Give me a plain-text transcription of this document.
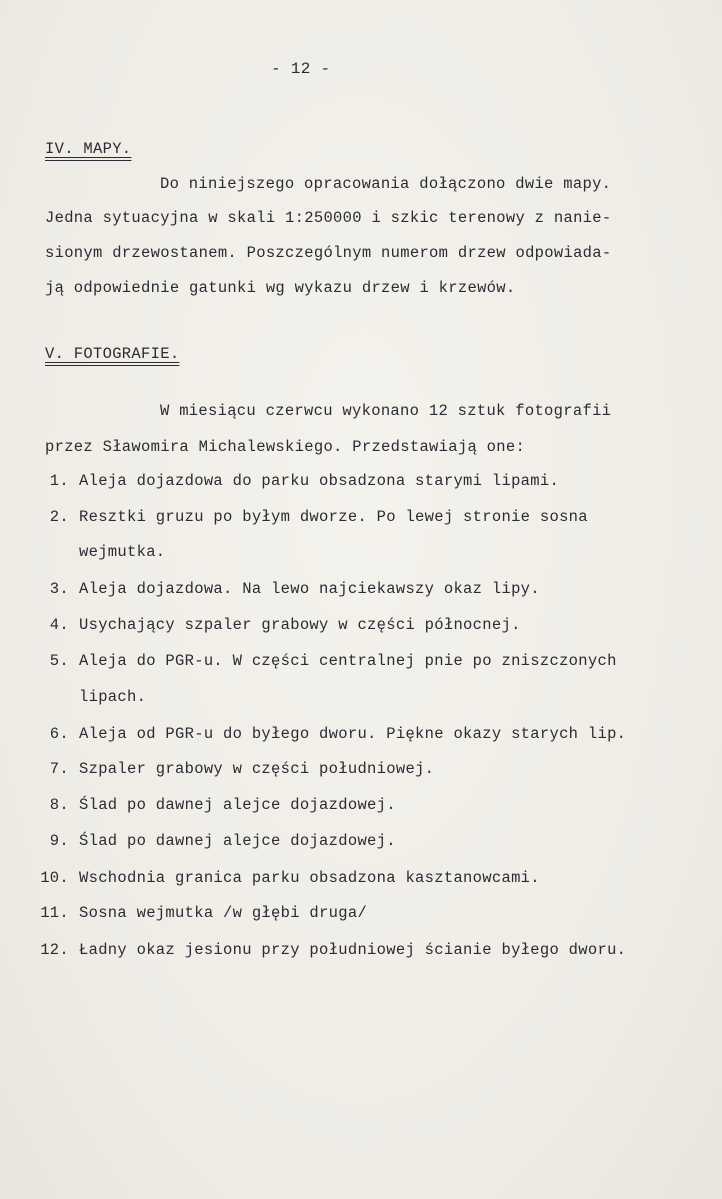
- 12 -
IV. MAPY.
Do niniejszego opracowania dołączono dwie mapy.
Jedna sytuacyjna w skali 1:250000 i szkic terenowy z nanie-
sionym drzewostanem. Poszczególnym numerom drzew odpowiada-
ją odpowiednie gatunki wg wykazu drzew i krzewów.
V. FOTOGRAFIE.
W miesiącu czerwcu wykonano 12 sztuk fotografii
przez Sławomira Michalewskiego. Przedstawiają one:
1. Aleja dojazdowa do parku obsadzona starymi lipami.
2. Resztki gruzu po byłym dworze. Po lewej stronie sosna
wejmutka.
3. Aleja dojazdowa. Na lewo najciekawszy okaz lipy.
4. Usychający szpaler grabowy w części północnej.
5. Aleja do PGR-u. W części centralnej pnie po zniszczonych
lipach.
6. Aleja od PGR-u do byłego dworu. Piękne okazy starych lip.
7. Szpaler grabowy w części południowej.
8. Ślad po dawnej alejce dojazdowej.
9. Ślad po dawnej alejce dojazdowej.
10. Wschodnia granica parku obsadzona kasztanowcami.
11. Sosna wejmutka /w głębi druga/
12. Ładny okaz jesionu przy południowej ścianie byłego dworu.
